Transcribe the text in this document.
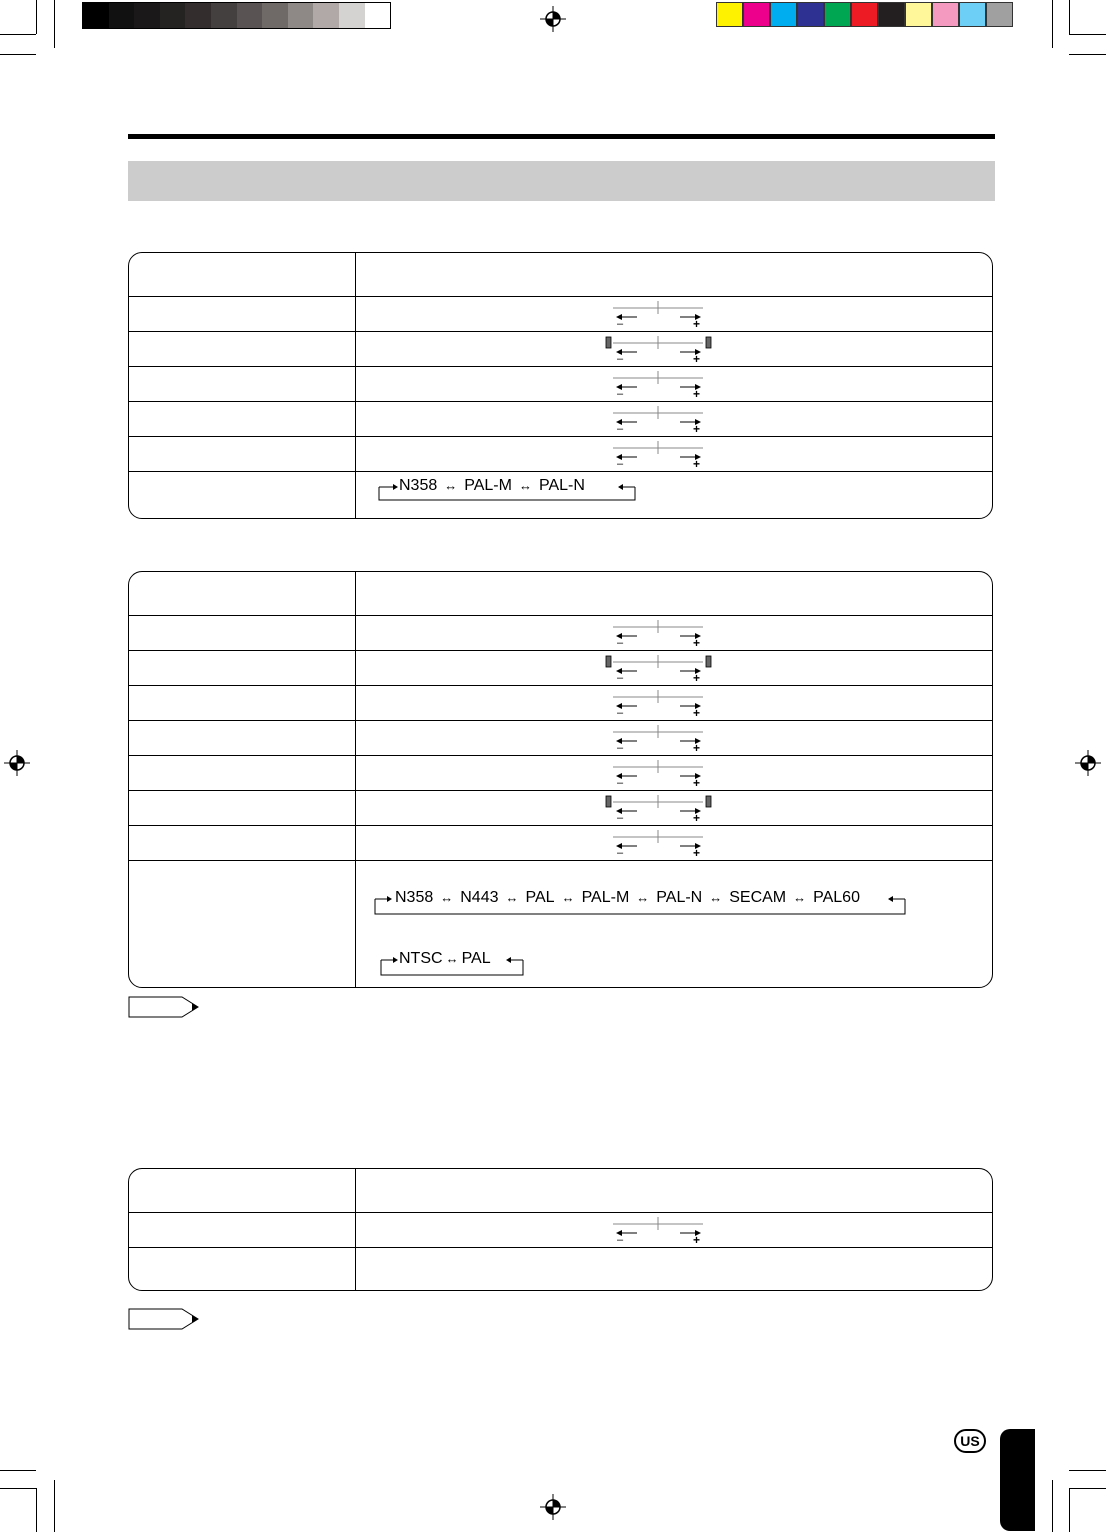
–	+
–	+
–	+
–	+
–	+
N358 ↔ PAL-M ↔ PAL-N
–	+
–	+
–	+
–	+
–	+
–	+
–	+
N358 ↔ N443 ↔ PAL ↔ PAL-M ↔ PAL-N ↔ SECAM ↔ PAL60
NTSC ↔ PAL
–	+
US
